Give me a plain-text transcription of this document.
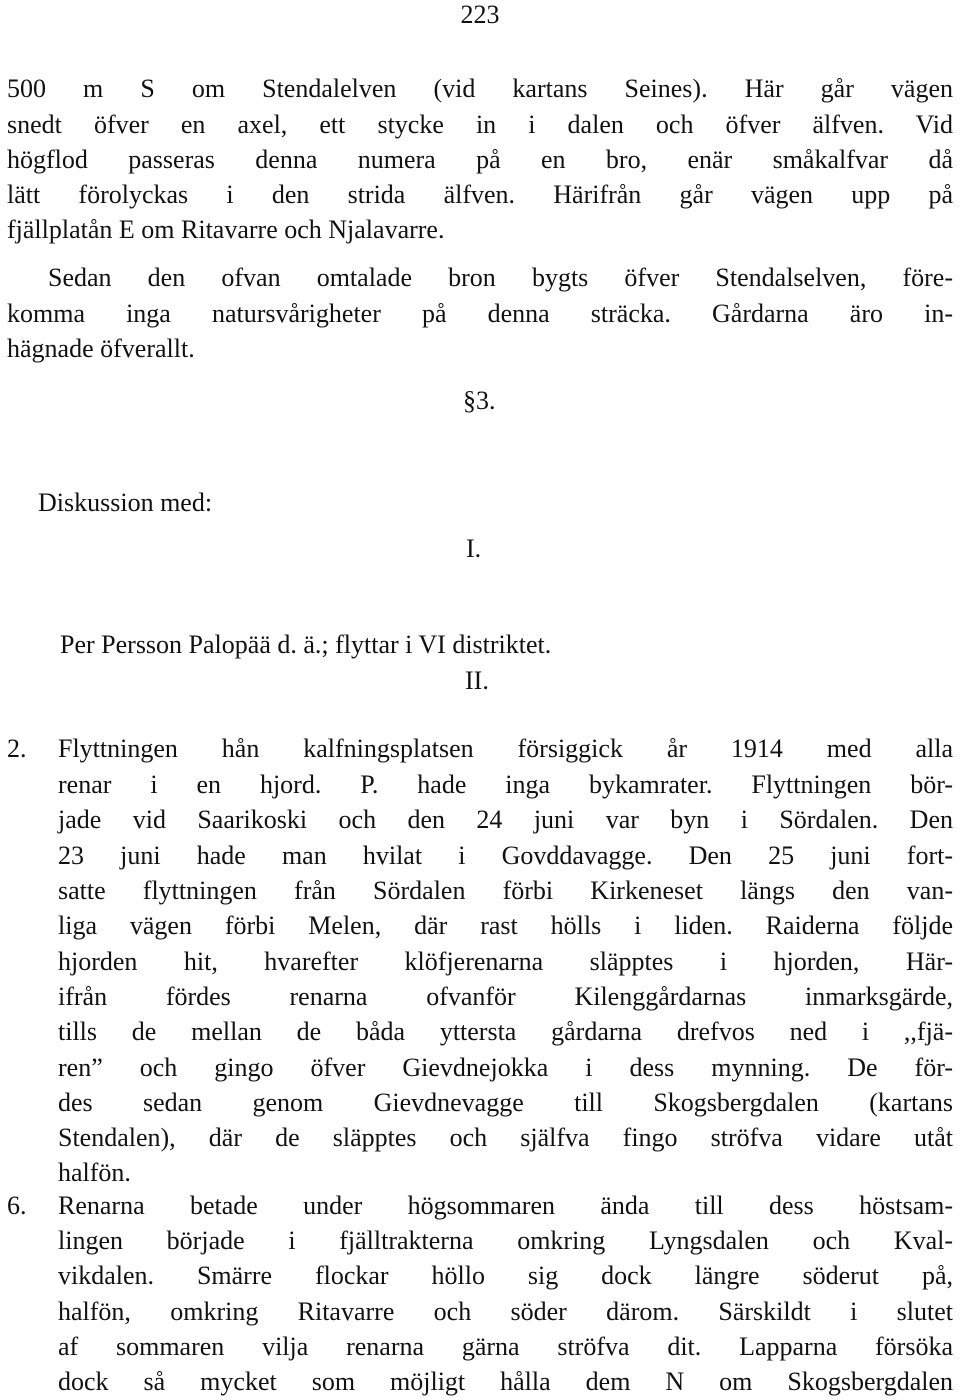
223
500 m S om Stendalelven (vid kartans Seines). Här går vägen
snedt öfver en axel, ett stycke in i dalen och öfver älfven. Vid
högflod passeras denna numera på en bro, enär småkalfvar då
lätt förolyckas i den strida älfven. Härifrån går vägen upp på
fjällplatån E om Ritavarre och Njalavarre.
Sedan den ofvan omtalade bron bygts öfver Stendalselven, före-
komma inga natursvårigheter på denna sträcka. Gårdarna äro in-
hägnade öfverallt.
§3.
Diskussion med:
I.
Per Persson Palopää d. ä.; flyttar i VI distriktet.
II.
2. Flyttningen hån kalfningsplatsen försiggick år 1914 med alla
renar i en hjord. P. hade inga bykamrater. Flyttningen bör-
jade vid Saarikoski och den 24 juni var byn i Sördalen. Den
23 juni hade man hvilat i Govddavagge. Den 25 juni fort-
satte flyttningen från Sördalen förbi Kirkeneset längs den van-
liga vägen förbi Melen, där rast hölls i liden. Raiderna följde
hjorden hit, hvarefter klöfjerenarna släpptes i hjorden, Här-
ifrån fördes renarna ofvanför Kilenggårdarnas inmarksgärde,
tills de mellan de båda yttersta gårdarna drefvos ned i ,,fjä-
ren” och gingo öfver Gievdnejokka i dess mynning. De för-
des sedan genom Gievdnevagge till Skogsbergdalen (kartans
Stendalen), där de släpptes och själfva fingo ströfva vidare utåt
halfön.
6. Renarna betade under högsommaren ända till dess höstsam-
lingen började i fjälltrakterna omkring Lyngsdalen och Kval-
vikdalen. Smärre flockar höllo sig dock längre söderut på,
halfön, omkring Ritavarre och söder därom. Särskildt i slutet
af sommaren vilja renarna gärna ströfva dit. Lapparna försöka
dock så mycket som möjligt hålla dem N om Skogsbergdalen
